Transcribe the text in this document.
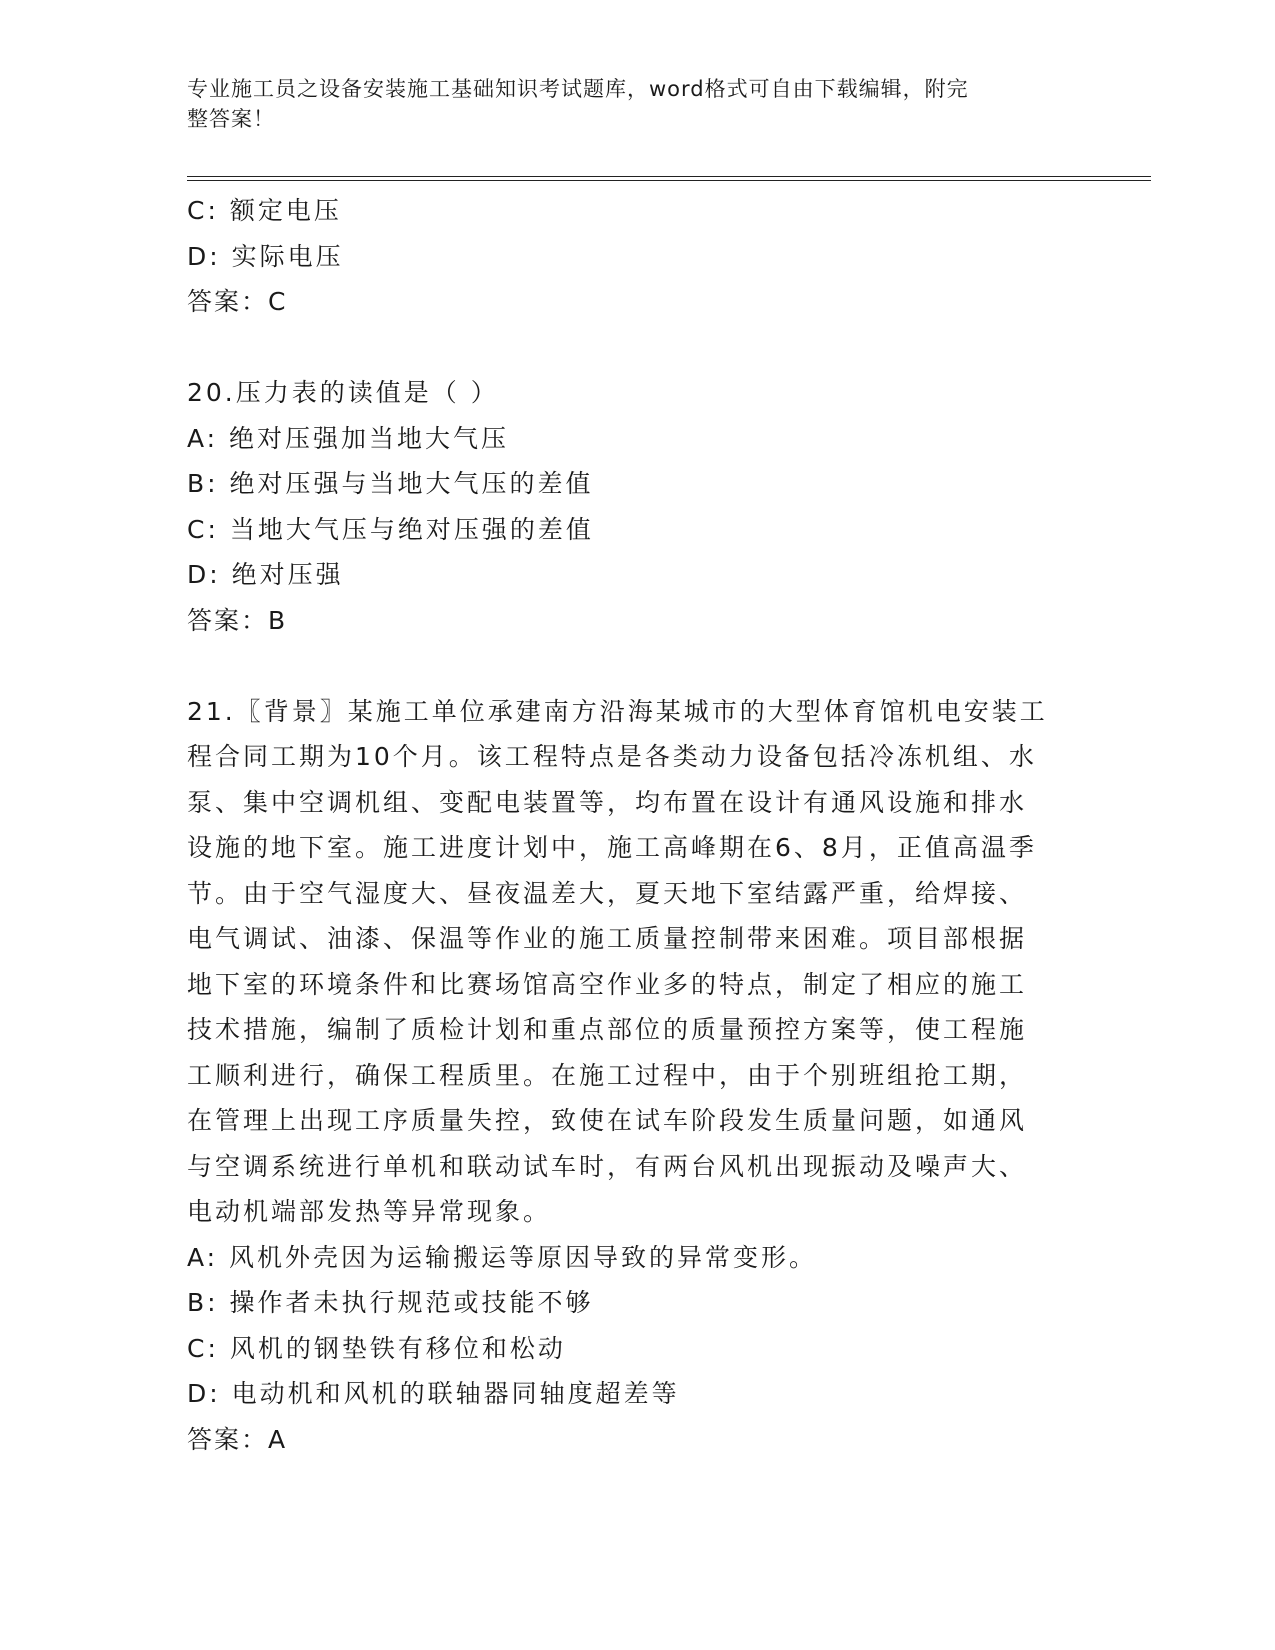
专业施工员之设备安装施工基础知识考试题库，word格式可自由下载编辑，附完
整答案！
C: 额定电压
D: 实际电压
答案：C
20.压力表的读值是（ ）
A: 绝对压强加当地大气压
B: 绝对压强与当地大气压的差值
C: 当地大气压与绝对压强的差值
D: 绝对压强
答案：B
21.〖背景〗某施工单位承建南方沿海某城市的大型体育馆机电安装工
程合同工期为10个月。该工程特点是各类动力设备包括冷冻机组、水
泵、集中空调机组、变配电装置等，均布置在设计有通风设施和排水
设施的地下室。施工进度计划中，施工高峰期在6、8月，正值高温季
节。由于空气湿度大、昼夜温差大，夏天地下室结露严重，给焊接、
电气调试、油漆、保温等作业的施工质量控制带来困难。项目部根据
地下室的环境条件和比赛场馆高空作业多的特点，制定了相应的施工
技术措施，编制了质检计划和重点部位的质量预控方案等，使工程施
工顺利进行，确保工程质里。在施工过程中，由于个别班组抢工期，
在管理上出现工序质量失控，致使在试车阶段发生质量问题，如通风
与空调系统进行单机和联动试车时，有两台风机出现振动及噪声大、
电动机端部发热等异常现象。
A: 风机外壳因为运输搬运等原因导致的异常变形。
B: 操作者未执行规范或技能不够
C: 风机的钢垫铁有移位和松动
D: 电动机和风机的联轴器同轴度超差等
答案：A
